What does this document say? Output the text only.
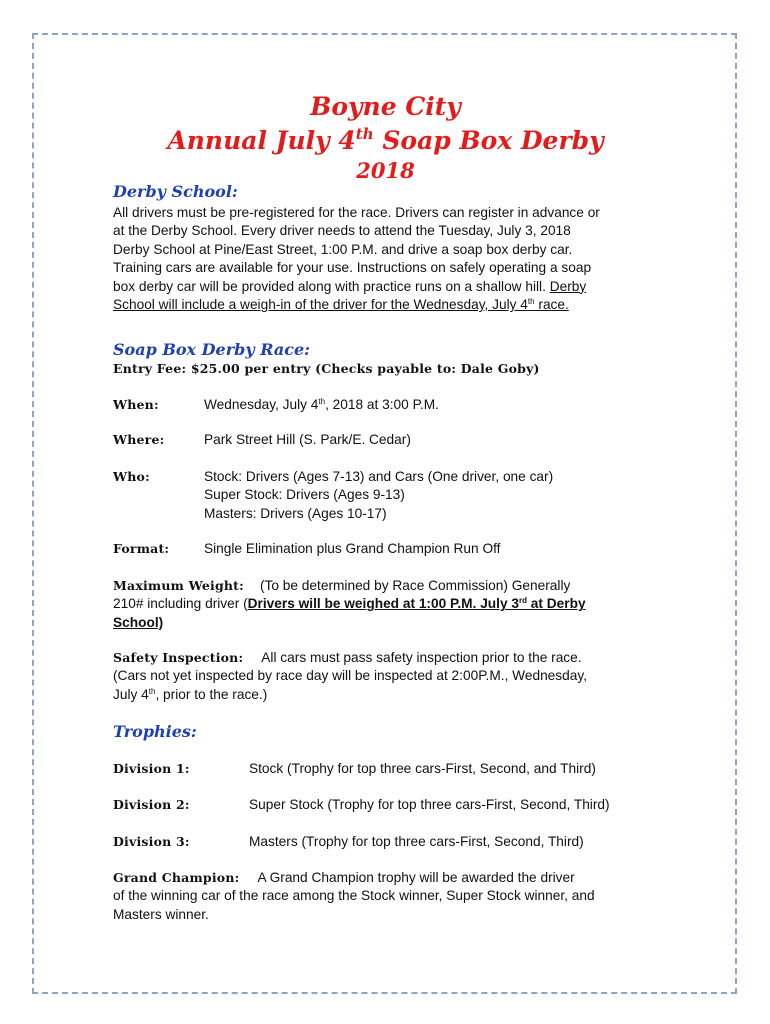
Boyne City

Annual July 4th Soap Box Derby

2018

Derby School:

All drivers must be pre-registered for the race. Drivers can register in advance or
at the Derby School. Every driver needs to attend the Tuesday, July 3, 2018
Derby School at Pine/East Street, 1:00 P.M. and drive a soap box derby car.
Training cars are available for your use. Instructions on safely operating a soap
box derby car will be provided along with practice runs on a shallow hill. Derby
School will include a weigh-in of the driver for the Wednesday, July 4th race.

Soap Box Derby Race:

Entry Fee: $25.00 per entry (Checks payable to: Dale Goby)
When:	Wednesday, July 4th, 2018 at 3:00 P.M.
Where:	Park Street Hill (S. Park/E. Cedar)
Who:	Stock: Drivers (Ages 7-13) and Cars (One driver, one car)
Super Stock: Drivers (Ages 9-13)
Masters: Drivers (Ages 10-17)
Format:	Single Elimination plus Grand Champion Run Off
Maximum Weight: (To be determined by Race Commission) Generally
210# including driver (Drivers will be weighed at 1:00 P.M. July 3rd at Derby
School)
Safety Inspection: All cars must pass safety inspection prior to the race.
(Cars not yet inspected by race day will be inspected at 2:00P.M., Wednesday,
July 4th, prior to the race.)

Trophies:

Division 1:	Stock (Trophy for top three cars-First, Second, and Third)
Division 2:	Super Stock (Trophy for top three cars-First, Second, Third)
Division 3:	Masters (Trophy for top three cars-First, Second, Third)
Grand Champion: A Grand Champion trophy will be awarded the driver
of the winning car of the race among the Stock winner, Super Stock winner, and
Masters winner.
